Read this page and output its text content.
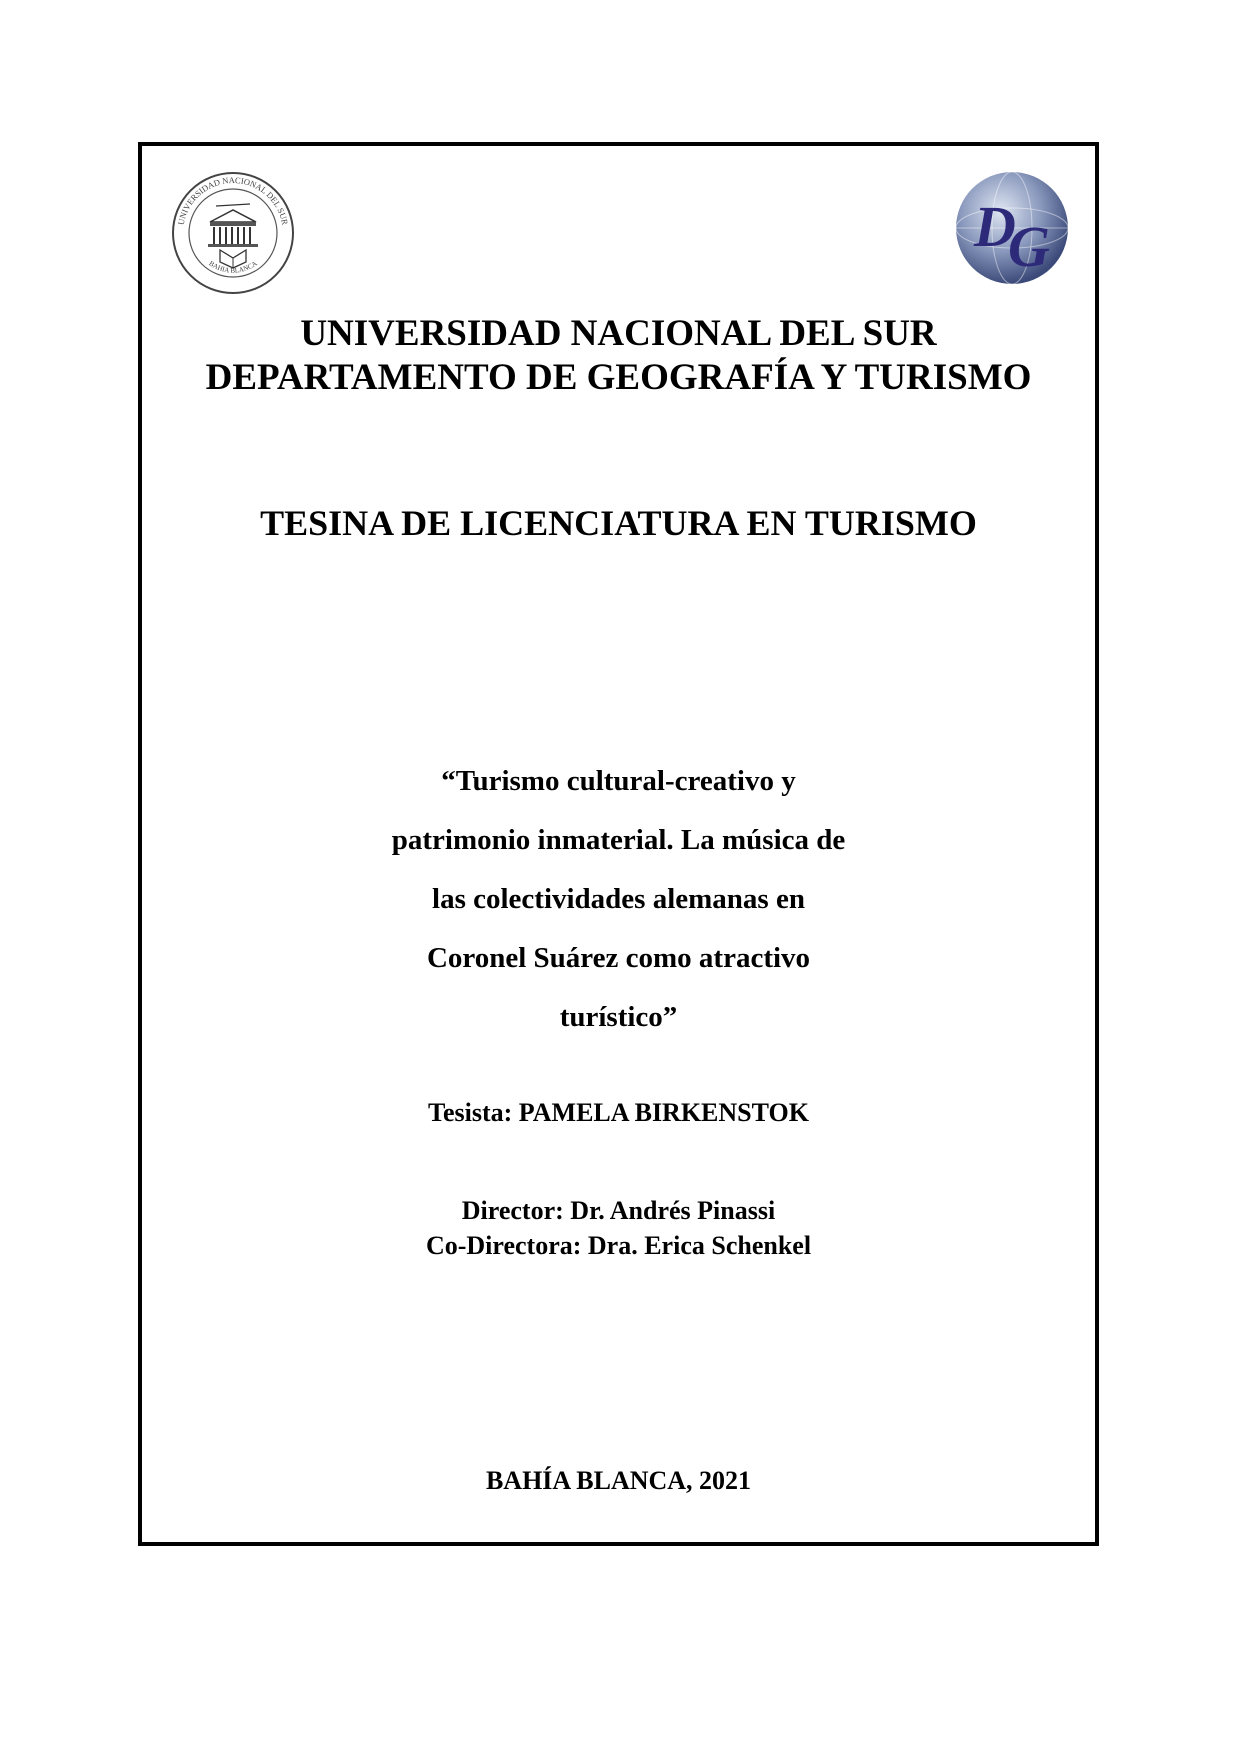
UNIVERSIDAD NACIONAL DEL SUR
BAHIA BLANCA
D
G
UNIVERSIDAD NACIONAL DEL SUR
DEPARTAMENTO DE GEOGRAFÍA Y TURISMO
TESINA DE LICENCIATURA EN TURISMO
“Turismo cultural-creativo y
patrimonio inmaterial. La música de
las colectividades alemanas en
Coronel Suárez como atractivo
turístico”
Tesista: PAMELA BIRKENSTOK
Director: Dr. Andrés Pinassi
Co-Directora: Dra. Erica Schenkel
BAHÍA BLANCA, 2021
